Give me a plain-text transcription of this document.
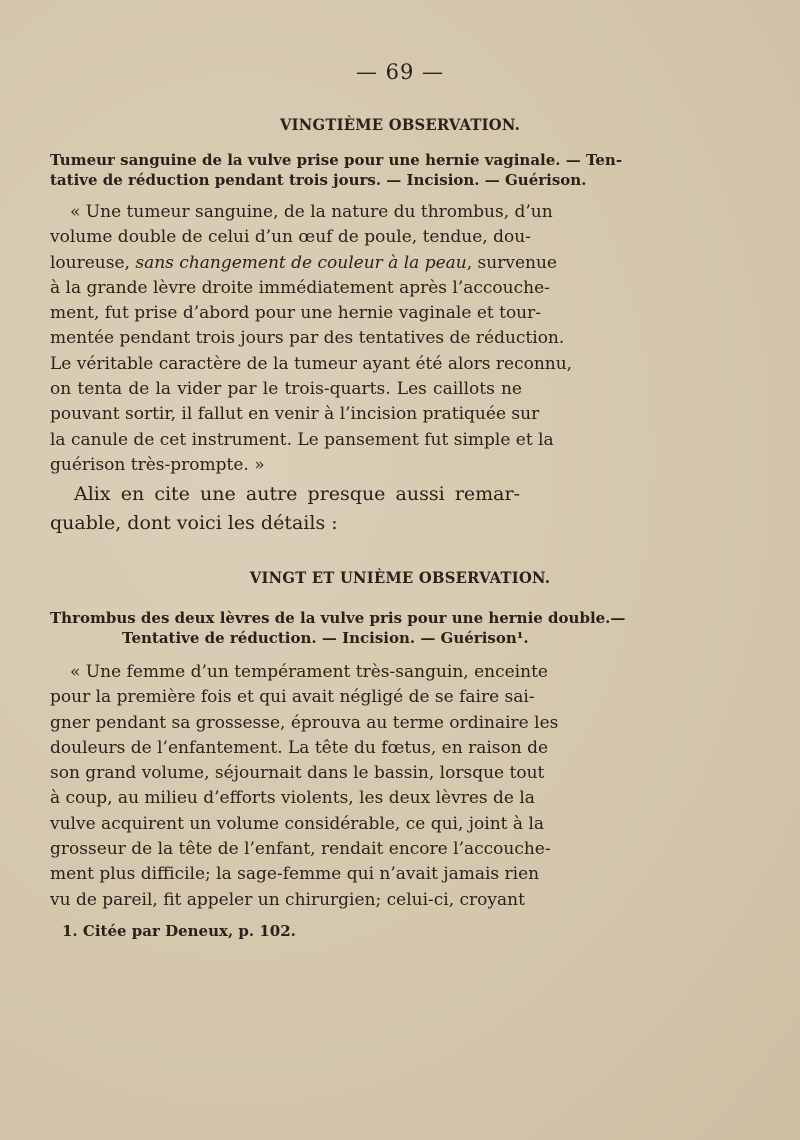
— 69 —
VINGTIÈME OBSERVATION.
Tumeur sanguine de la vulve prise pour une hernie vaginale. — Ten-
tative de réduction pendant trois jours. — Incision. — Guérison.
« Une tumeur sanguine, de la nature du thrombus, d’un
volume double de celui d’un œuf de poule, tendue, dou-
loureuse, sans changement de couleur à la peau, survenue
à la grande lèvre droite immédiatement après l’accouche-
ment, fut prise d’abord pour une hernie vaginale et tour-
mentée pendant trois jours par des tentatives de réduction.
Le véritable caractère de la tumeur ayant été alors reconnu,
on tenta de la vider par le trois-quarts. Les caillots ne
pouvant sortir, il fallut en venir à l’incision pratiquée sur
la canule de cet instrument. Le pansement fut simple et la
guérison très-prompte. »
Alix en cite une autre presque aussi remar-
quable, dont voici les détails :
VINGT ET UNIÈME OBSERVATION.
Thrombus des deux lèvres de la vulve pris pour une hernie double.—
Tentative de réduction. — Incision. — Guérison¹.
« Une femme d’un tempérament très-sanguin, enceinte
pour la première fois et qui avait négligé de se faire sai-
gner pendant sa grossesse, éprouva au terme ordinaire les
douleurs de l’enfantement. La tête du fœtus, en raison de
son grand volume, séjournait dans le bassin, lorsque tout
à coup, au milieu d’efforts violents, les deux lèvres de la
vulve acquirent un volume considérable, ce qui, joint à la
grosseur de la tête de l’enfant, rendait encore l’accouche-
ment plus difficile; la sage-femme qui n’avait jamais rien
vu de pareil, fit appeler un chirurgien; celui-ci, croyant
1. Citée par Deneux, p. 102.
